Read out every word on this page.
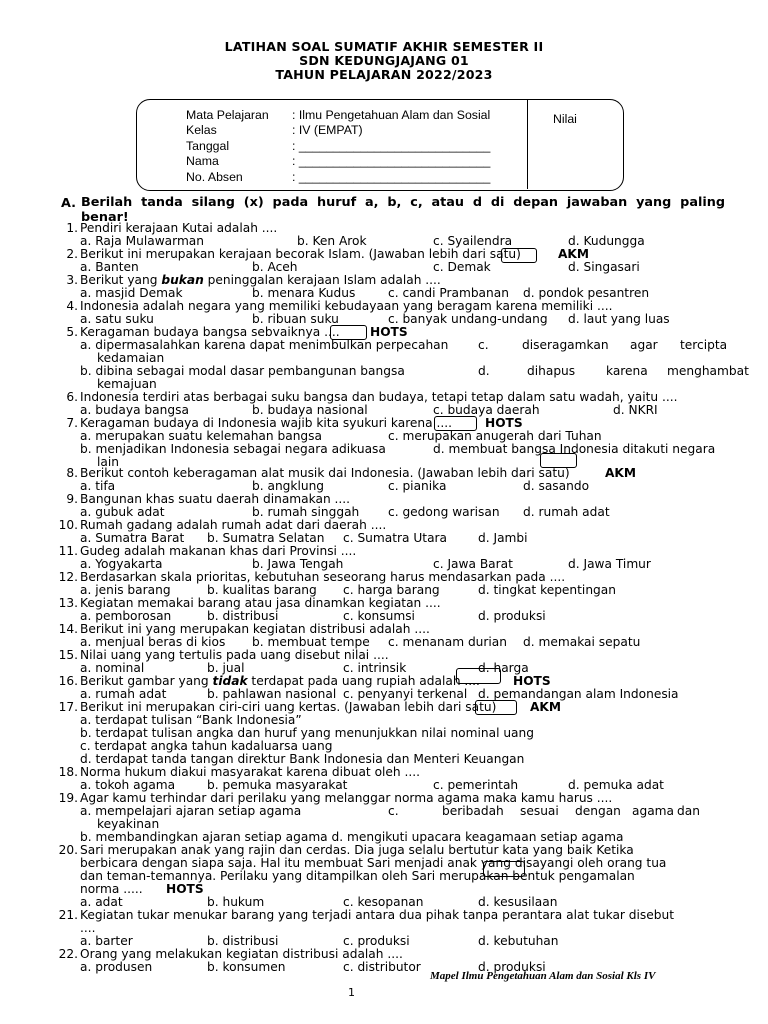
LATIHAN SOAL SUMATIF AKHIR SEMESTER II
SDN KEDUNGJAJANG 01
TAHUN PELAJARAN 2022/2023
Nilai
Mata Pelajaran : Ilmu Pengetahuan Alam dan Sosial
Kelas	: IV (EMPAT)
Tanggal	: ____________________________
Nama	: ____________________________
No. Absen	: ____________________________
A. Berilah tanda silang (x) pada huruf a, b, c, atau d di depan jawaban yang paling
benar!
1. Pendiri kerajaan Kutai adalah ....
a. Raja Mulawarman	b. Ken Arok	c. Syailendra	d. Kudungga
2. Berikut ini merupakan kerajaan becorak Islam. (Jawaban lebih dari satu)	AKM
a. Banten	b. Aceh	c. Demak	d. Singasari
3. Berikut yang bukan peninggalan kerajaan Islam adalah ....
a. masjid Demak	b. menara Kudus	c. candi Prambanan d. pondok pesantren
4. Indonesia adalah negara yang memiliki kebudayaan yang beragam karena memiliki ....
a. satu suku	b. ribuan suku	c. banyak undang-undang d. laut yang luas
5. Keragaman budaya bangsa sebvaiknya .... HOTS
a. dipermasalahkan karena dapat menimbulkan perpecahan c.	diseragamkan agar tercipta
kedamaian
b. dibina sebagai modal dasar pembangunan bangsa	d.	dihapus	karena menghambat
kemajuan
6. Indonesia terdiri atas berbagai suku bangsa dan budaya, tetapi tetap dalam satu wadah, yaitu ....
a. budaya bangsa	b. budaya nasional	c. budaya daerah	d. NKRI
7. Keragaman budaya di Indonesia wajib kita syukuri karena ....	HOTS
a. merupakan suatu kelemahan bangsa	c. merupakan anugerah dari Tuhan
b. menjadikan Indonesia sebagai negara adikuasa	d. membuat bangsa Indonesia ditakuti negara
lain
8. Berikut contoh keberagaman alat musik dai Indonesia. (Jawaban lebih dari satu)	AKM
a. tifa	b. angklung	c. pianika	d. sasando
9. Bangunan khas suatu daerah dinamakan ....
a. gubuk adat	b. rumah singgah c. gedong warisan d. rumah adat
10. Rumah gadang adalah rumah adat dari daerah ....
a. Sumatra Barat b. Sumatra Selatan c. Sumatra Utara	d. Jambi
11. Gudeg adalah makanan khas dari Provinsi ....
a. Yogyakarta	b. Jawa Tengah	c. Jawa Barat	d. Jawa Timur
12. Berdasarkan skala prioritas, kebutuhan seseorang harus mendasarkan pada ....
a. jenis barang	b. kualitas barang c. harga barang	d. tingkat kepentingan
13. Kegiatan memakai barang atau jasa dinamkan kegiatan ....
a. pemborosan	b. distribusi	c. konsumsi	d. produksi
14. Berikut ini yang merupakan kegiatan distribusi adalah ....
a. menjual beras di kios b. membuat tempe c. menanam durian d. memakai sepatu
15. Nilai uang yang tertulis pada uang disebut nilai ....
a. nominal	b. jual	c. intrinsik	d. harga
16. Berikut gambar yang tidak terdapat pada uang rupiah adalah ....	HOTS
a. rumah adat	b. pahlawan nasional c. penyanyi terkenal d. pemandangan alam Indonesia
17. Berikut ini merupakan ciri-ciri uang kertas. (Jawaban lebih dari satu)	AKM
a. terdapat tulisan “Bank Indonesia”
b. terdapat tulisan angka dan huruf yang menunjukkan nilai nominal uang
c. terdapat angka tahun kadaluarsa uang
d. terdapat tanda tangan direktur Bank Indonesia dan Menteri Keuangan
18. Norma hukum diakui masyarakat karena dibuat oleh ....
a. tokoh agama	b. pemuka masyarakat	c. pemerintah	d. pemuka adat
19. Agar kamu terhindar dari perilaku yang melanggar norma agama maka kamu harus ....
a. mempelajari ajaran setiap agama	c.	beribadah sesuai dengan agama dan
keyakinan
b. membandingkan ajaran setiap agama d. mengikuti upacara keagamaan setiap agama
20. Sari merupakan anak yang rajin dan cerdas. Dia juga selalu bertutur kata yang baik Ketika
berbicara dengan siapa saja. Hal itu membuat Sari menjadi anak yang disayangi oleh orang tua
dan teman-temannya. Perilaku yang ditampilkan oleh Sari merupakan bentuk pengamalan
norma ..... HOTS
a. adat	b. hukum	c. kesopanan	d. kesusilaan
21. Kegiatan tukar menukar barang yang terjadi antara dua pihak tanpa perantara alat tukar disebut
....
a. barter	b. distribusi	c. produksi	d. kebutuhan
22. Orang yang melakukan kegiatan distribusi adalah ....
a. produsen	b. konsumen	c. distributor	d. produksi
Mapel Ilmu Pengetahuan Alam dan Sosial Kls IV
1
